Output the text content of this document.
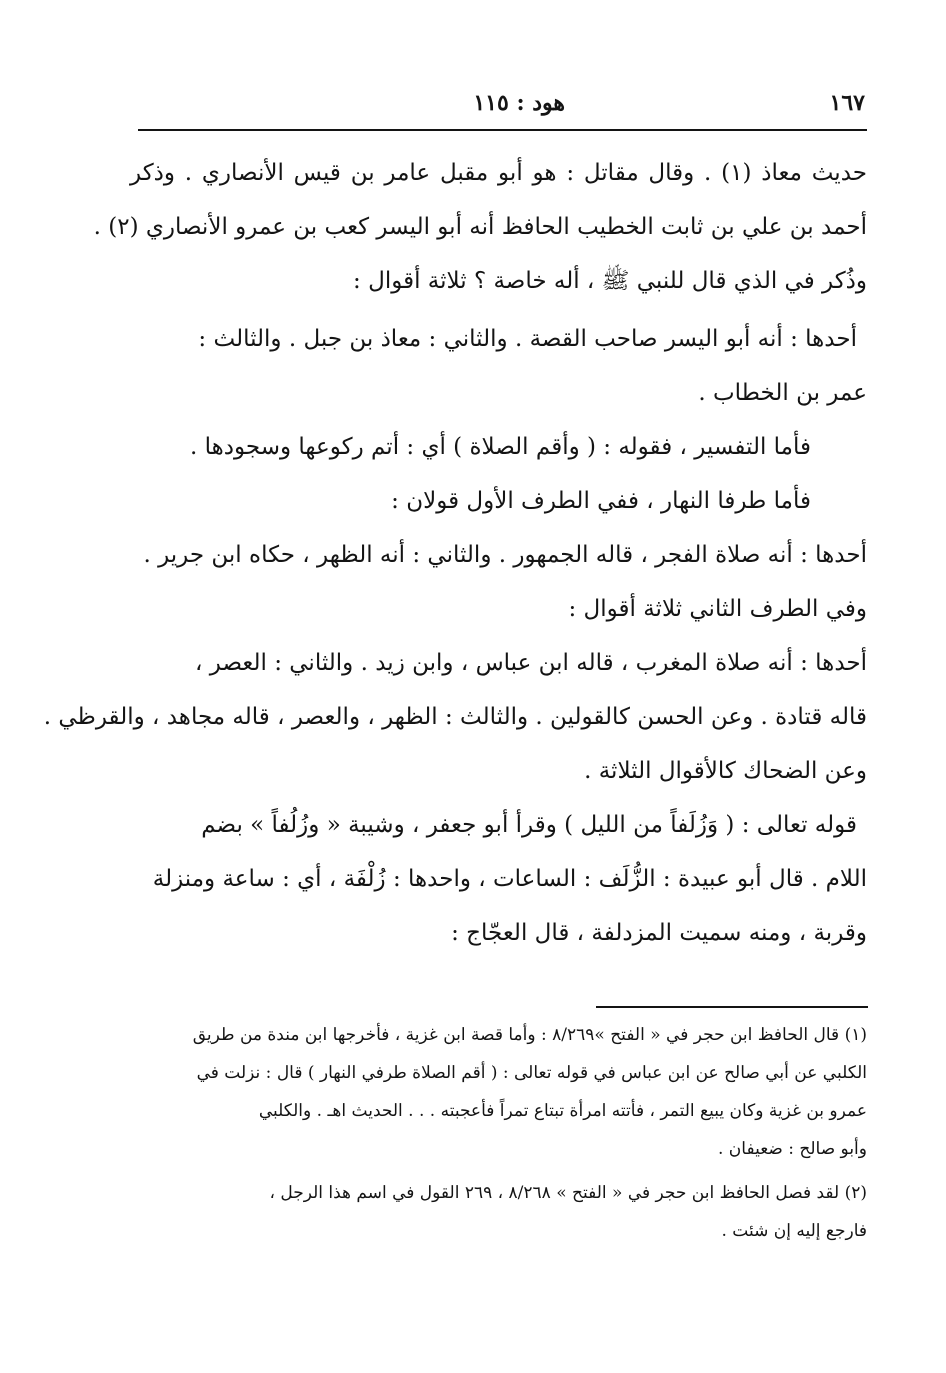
١٦٧
هود : ١١٥
حديث معاذ (١) . وقال مقاتل : هو أبو مقبل عامر بن قيس الأنصاري . وذكر
أحمد بن علي بن ثابت الخطيب الحافظ أنه أبو اليسر كعب بن عمرو الأنصاري (٢) .
وذُكر في الذي قال للنبي ﷺ ، أله خاصة ؟ ثلاثة أقوال :
أحدها : أنه أبو اليسر صاحب القصة . والثاني : معاذ بن جبل . والثالث :
عمر بن الخطاب .
فأما التفسير ، فقوله : ( وأقم الصلاة ) أي : أتم ركوعها وسجودها .
فأما طرفا النهار ، ففي الطرف الأول قولان :
أحدها : أنه صلاة الفجر ، قاله الجمهور . والثاني : أنه الظهر ، حكاه ابن جرير .
وفي الطرف الثاني ثلاثة أقوال :
أحدها : أنه صلاة المغرب ، قاله ابن عباس ، وابن زيد . والثاني : العصر ،
قاله قتادة . وعن الحسن كالقولين . والثالث : الظهر ، والعصر ، قاله مجاهد ، والقرظي .
وعن الضحاك كالأقوال الثلاثة .
قوله تعالى : ( وَزُلَفاً من الليل ) وقرأ أبو جعفر ، وشيبة « وزُلُفاً » بضم
اللام . قال أبو عبيدة : الزُّلَف : الساعات ، واحدها : زُلْفَة ، أي : ساعة ومنزلة
وقربة ، ومنه سميت المزدلفة ، قال العجّاج :
(١) قال الحافظ ابن حجر في « الفتح »٨/٢٦٩ : وأما قصة ابن غزية ، فأخرجها ابن مندة من طريق
الكلبي عن أبي صالح عن ابن عباس في قوله تعالى : ( أقم الصلاة طرفي النهار ) قال : نزلت في
عمرو بن غزية وكان يبيع التمر ، فأتته امرأة تبتاع تمراً فأعجبته . . . الحديث اهـ . والكلبي
وأبو صالح : ضعيفان .
(٢) لقد فصل الحافظ ابن حجر في « الفتح » ٨/٢٦٨ ، ٢٦٩ القول في اسم هذا الرجل ،
فارجع إليه إن شئت .
